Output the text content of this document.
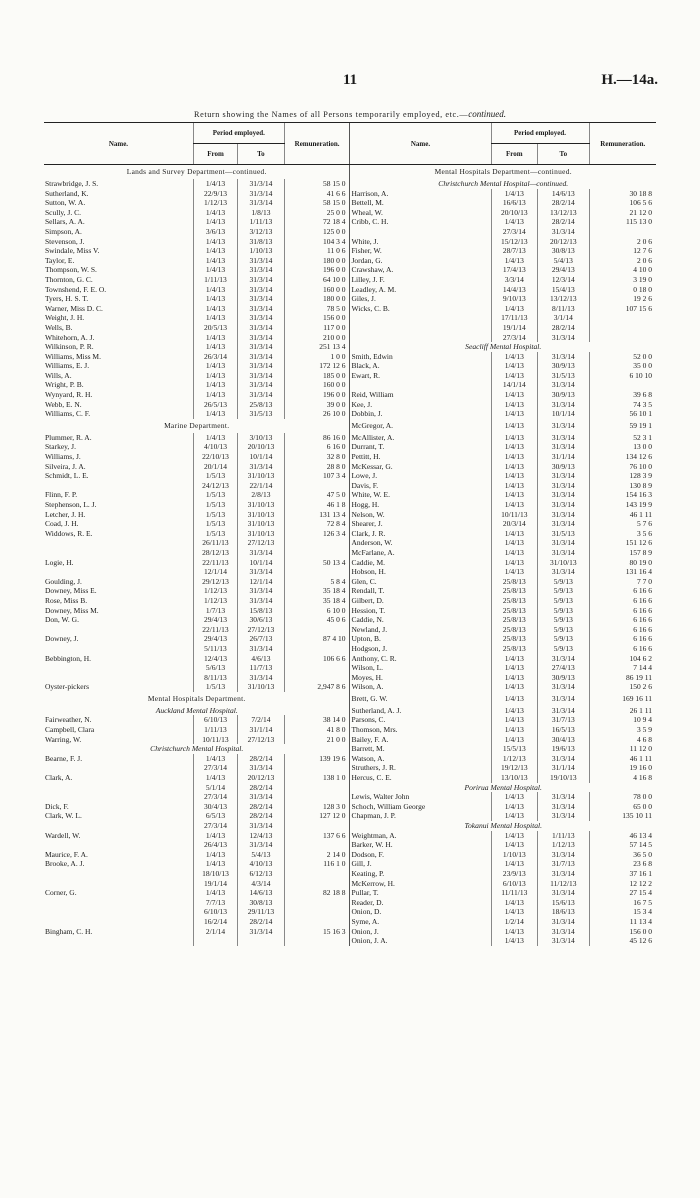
11	H.—14a.
Return showing the Names of all Persons temporarily employed, etc.—continued.
Name.	Period employed.		Remuneration.	Name.	Period employed.		Remuneration.
	From	To			From	To	
Lands and Survey Department—continued.				Mental Hospitals Department—continued.			
Strawbridge, J. S.	1/4/13	31/3/14	58 15 0	Christchurch Mental Hospital—continued.			
Sutherland, K.	22/9/13	31/3/14	41 6 6	Harrison, A.	1/4/13	14/6/13	30 18 8
Sutton, W. A.	1/12/13	31/3/14	58 15 0	Bettell, M.	16/6/13	28/2/14	106 5 6
Scully, J. C.	1/4/13	1/8/13	25 0 0	Wheal, W.	20/10/13	13/12/13	21 12 0
Sellars, A. A.	1/4/13	1/11/13	72 18 4	Cribb, C. H.	1/4/13	28/2/14	115 13 0
Simpson, A.	3/6/13	3/12/13	125 0 0		27/3/14	31/3/14	
Stevenson, J.	1/4/13	31/8/13	104 3 4	White, J.	15/12/13	20/12/13	2 0 6
Swindale, Miss V.	1/4/13	1/10/13	11 0 6	Fisher, W.	28/7/13	30/8/13	12 7 6
Taylor, E.	1/4/13	31/3/14	180 0 0	Jordan, G.	1/4/13	5/4/13	2 0 6
Thompson, W. S.	1/4/13	31/3/14	196 0 0	Crawshaw, A.	17/4/13	29/4/13	4 10 0
Thornton, G. C.	1/11/13	31/3/14	64 10 0	Lilley, J. F.	3/3/14	12/3/14	3 19 0
Townshend, F. E. O.	1/4/13	31/3/14	160 0 0	Leadley, A. M.	14/4/13	15/4/13	0 18 0
Tyers, H. S. T.	1/4/13	31/3/14	180 0 0	Giles, J.	9/10/13	13/12/13	19 2 6
Warner, Miss D. C.	1/4/13	31/3/14	78 5 0	Wicks, C. B.	1/4/13	8/11/13	107 15 6
Weight, J. H.	1/4/13	31/3/14	156 0 0		17/11/13	3/1/14	
Wells, B.	20/5/13	31/3/14	117 0 0		19/1/14	28/2/14	
Whitehorn, A. J.	1/4/13	31/3/14	210 0 0		27/3/14	31/3/14	
Wilkinson, P. R.	1/4/13	31/3/14	251 13 4	Seacliff Mental Hospital.			
Williams, Miss M.	26/3/14	31/3/14	1 0 0	Smith, Edwin	1/4/13	31/3/14	52 0 0
Williams, E. J.	1/4/13	31/3/14	172 12 6	Black, A.	1/4/13	30/9/13	35 0 0
Wills, A.	1/4/13	31/3/14	185 0 0	Ewart, R.	1/4/13	31/5/13	6 10 10
Wright, P. B.	1/4/13	31/3/14	160 0 0		14/1/14	31/3/14	
Wynyard, R. H.	1/4/13	31/3/14	196 0 0	Reid, William	1/4/13	30/9/13	39 6 8
Webb, E. N.	26/5/13	25/8/13	39 0 0	Kee, J.	1/4/13	31/3/14	74 3 5
Williams, C. F.	1/4/13	31/5/13	26 10 0	Dobbin, J.	1/4/13	10/1/14	56 10 1
Marine Department.				McGregor, A.	1/4/13	31/3/14	59 19 1
Plummer, R. A.	1/4/13	3/10/13	86 16 0	McAllister, A.	1/4/13	31/3/14	52 3 1
Starkey, J.	4/10/13	20/10/13	6 16 0	Durrant, T.	1/4/13	31/3/14	13 0 0
Williams, J.	22/10/13	10/1/14	32 8 0	Pettitt, H.	1/4/13	31/1/14	134 12 6
Silveira, J. A.	20/1/14	31/3/14	28 8 0	McKessar, G.	1/4/13	30/9/13	76 10 0
Schmidt, L. E.	1/5/13	31/10/13	107 3 4	Lowe, J.	1/4/13	31/3/14	128 3 9
	24/12/13	22/1/14		Davis, F.	1/4/13	31/3/14	130 8 9
Flinn, F. P.	1/5/13	2/8/13	47 5 0	White, W. E.	1/4/13	31/3/14	154 16 3
Stephenson, L. J.	1/5/13	31/10/13	46 1 8	Hogg, H.	1/4/13	31/3/14	143 19 9
Letcher, J. H.	1/5/13	31/10/13	131 13 4	Nelson, W.	10/11/13	31/3/14	46 1 11
Coad, J. H.	1/5/13	31/10/13	72 8 4	Shearer, J.	20/3/14	31/3/14	5 7 6
Widdows, R. E.	1/5/13	31/10/13	126 3 4	Clark, J. R.	1/4/13	31/5/13	3 5 6
	26/11/13	27/12/13		Anderson, W.	1/4/13	31/3/14	151 12 6
	28/12/13	31/3/14		McFarlane, A.	1/4/13	31/3/14	157 8 9
Logie, H.	22/11/13	10/1/14	50 13 4	Caddie, M.	1/4/13	31/10/13	80 19 0
	12/1/14	31/3/14		Hobson, H.	1/4/13	31/3/14	131 16 4
Goulding, J.	29/12/13	12/1/14	5 8 4	Glen, C.	25/8/13	5/9/13	7 7 0
Downey, Miss E.	1/12/13	31/3/14	35 18 4	Rendall, T.	25/8/13	5/9/13	6 16 6
Rose, Miss B.	1/12/13	31/3/14	35 18 4	Gilbert, D.	25/8/13	5/9/13	6 16 6
Downey, Miss M.	1/7/13	15/8/13	6 10 0	Hession, T.	25/8/13	5/9/13	6 16 6
Don, W. G.	29/4/13	30/6/13	45 0 6	Caddie, N.	25/8/13	5/9/13	6 16 6
	22/11/13	27/12/13		Newland, J.	25/8/13	5/9/13	6 16 6
Downey, J.	29/4/13	26/7/13	87 4 10	Upton, B.	25/8/13	5/9/13	6 16 6
	5/11/13	31/3/14		Hodgson, J.	25/8/13	5/9/13	6 16 6
Bebbington, H.	12/4/13	4/6/13	106 6 6	Anthony, C. R.	1/4/13	31/3/14	104 6 2
	5/6/13	11/7/13		Wilson, L.	1/4/13	27/4/13	7 14 4
	8/11/13	31/3/14		Moyes, H.	1/4/13	30/9/13	86 19 11
Oyster-pickers	1/5/13	31/10/13	2,947 8 6	Wilson, A.	1/4/13	31/3/14	150 2 6
Mental Hospitals Department.				Brett, G. W.	1/4/13	31/3/14	169 16 11
Auckland Mental Hospital.				Sutherland, A. J.	1/4/13	31/3/14	26 1 11
Fairweather, N.	6/10/13	7/2/14	38 14 0	Parsons, C.	1/4/13	31/7/13	10 9 4
Campbell, Clara	1/11/13	31/1/14	41 8 0	Thomson, Mrs.	1/4/13	16/5/13	3 5 9
Warring, W.	10/11/13	27/12/13	21 0 0	Bailey, F. A.	1/4/13	30/4/13	4 6 8
Christchurch Mental Hospital.				Barrett, M.	15/5/13	19/6/13	11 12 0
Bearne, F. J.	1/4/13	28/2/14	139 19 6	Watson, A.	1/12/13	31/3/14	46 1 11
	27/3/14	31/3/14		Struthers, J. R.	19/12/13	31/1/14	19 16 0
Clark, A.	1/4/13	20/12/13	138 1 0	Hercus, C. E.	13/10/13	19/10/13	4 16 8
	5/1/14	28/2/14		Porirua Mental Hospital.			
	27/3/14	31/3/14		Lewis, Walter John	1/4/13	31/3/14	78 0 0
Dick, F.	30/4/13	28/2/14	128 3 0	Schoch, William George	1/4/13	31/3/14	65 0 0
Clark, W. L.	6/5/13	28/2/14	127 12 0	Chapman, J. P.	1/4/13	31/3/14	135 10 11
	27/3/14	31/3/14		Tokanui Mental Hospital.			
Wardell, W.	1/4/13	12/4/13	137 6 6	Weightman, A.	1/4/13	1/11/13	46 13 4
	26/4/13	31/3/14		Barker, W. H.	1/4/13	1/12/13	57 14 5
Maurice, F. A.	1/4/13	5/4/13	2 14 0	Dodson, F.	1/10/13	31/3/14	36 5 0
Brooke, A. J.	1/4/13	4/10/13	116 1 0	Gill, J.	1/4/13	31/7/13	23 6 8
	18/10/13	6/12/13		Keating, P.	23/9/13	31/3/14	37 16 1
	19/1/14	4/3/14		McKerrow, H.	6/10/13	11/12/13	12 12 2
Corner, G.	1/4/13	14/6/13	82 18 8	Pullar, T.	11/11/13	31/3/14	27 15 4
	7/7/13	30/8/13		Reader, D.	1/4/13	15/6/13	16 7 5
	6/10/13	29/11/13		Onion, D.	1/4/13	18/6/13	15 3 4
	16/2/14	28/2/14		Syme, A.	1/2/14	31/3/14	11 13 4
Bingham, C. H.	2/1/14	31/3/14	15 16 3	Onion, J.	1/4/13	31/3/14	156 0 0
				Onion, J. A.	1/4/13	31/3/14	45 12 6
